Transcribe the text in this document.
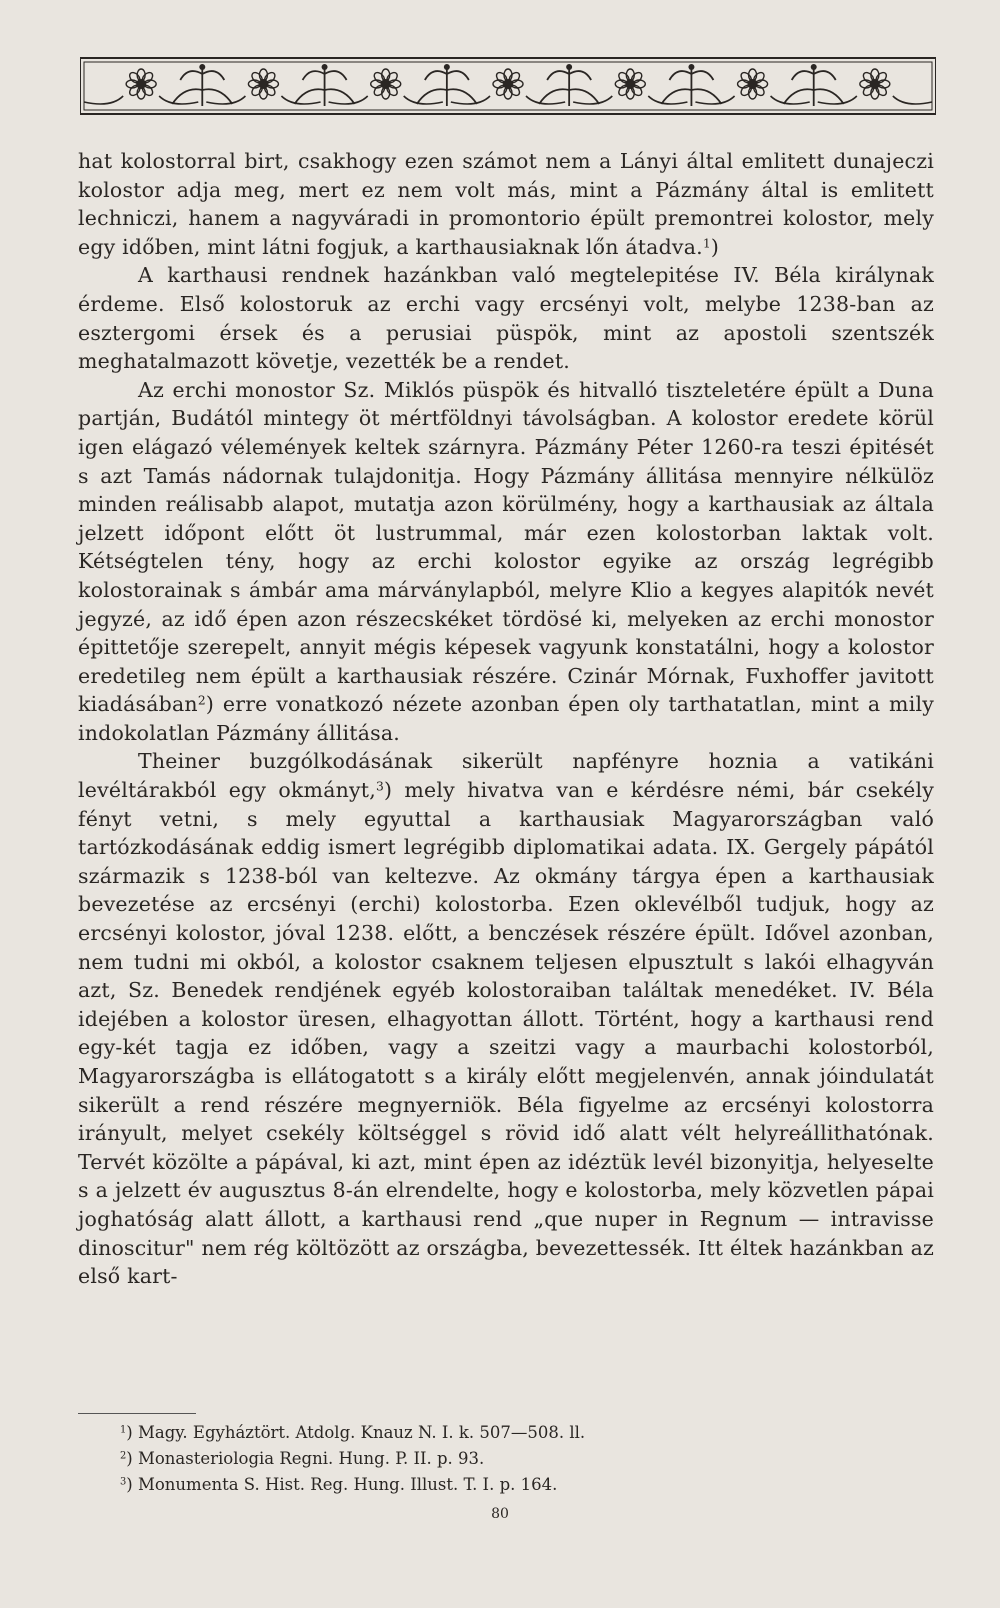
hat kolostorral birt, csakhogy ezen számot nem a Lányi által emlitett dunajeczi kolostor adja meg, mert ez nem volt más, mint a Pázmány által is emlitett lechniczi, hanem a nagyváradi in promontorio épült premontrei kolostor, mely egy időben, mint látni fogjuk, a karthausiaknak lőn átadva.$^1$)

A karthausi rendnek hazánkban való megtelepitése IV. Béla királynak érdeme. Első kolostoruk az erchi vagy ercsényi volt, melybe 1238-ban az esztergomi érsek és a perusiai püspök, mint az apostoli szentszék meghatalmazott követje, vezették be a rendet.

Az erchi monostor Sz. Miklós püspök és hitvalló tiszteletére épült a Duna partján, Budától mintegy öt mértföldnyi távolságban. A kolostor eredete körül igen elágazó vélemények keltek szárnyra. Pázmány Péter 1260-ra teszi épitését s azt Tamás nádornak tulajdonitja. Hogy Pázmány állitása mennyire nélkülöz minden reálisabb alapot, mutatja azon körülmény, hogy a karthausiak az általa jelzett időpont előtt öt lustrummal, már ezen kolostorban laktak volt. Kétségtelen tény, hogy az erchi kolostor egyike az ország legrégibb kolostorainak s ámbár ama márványlapból, melyre Klio a kegyes alapitók nevét jegyzé, az idő épen azon részecskéket tördösé ki, melyeken az erchi monostor épittetője szerepelt, annyit mégis képesek vagyunk konstatálni, hogy a kolostor eredetileg nem épült a karthausiak részére. Czinár Mórnak, Fuxhoffer javitott kiadásában$^2$) erre vonatkozó nézete azonban épen oly tarthatatlan, mint a mily indokolatlan Pázmány állitása.

Theiner buzgólkodásának sikerült napfényre hoznia a vatikáni levéltárakból egy okmányt,$^3$) mely hivatva van e kérdésre némi, bár csekély fényt vetni, s mely egyuttal a karthausiak Magyarországban való tartózkodásának eddig ismert legrégibb diplomatikai adata. IX. Gergely pápától származik s 1238-ból van keltezve. Az okmány tárgya épen a karthausiak bevezetése az ercsényi (erchi) kolostorba. Ezen oklevélből tudjuk, hogy az ercsényi kolostor, jóval 1238. előtt, a benczések részére épült. Idővel azonban, nem tudni mi okból, a kolostor csaknem teljesen elpusztult s lakói elhagyván azt, Sz. Benedek rendjének egyéb kolostoraiban találtak menedéket. IV. Béla idejében a kolostor üresen, elhagyottan állott. Történt, hogy a karthausi rend egy-két tagja ez időben, vagy a szeitzi vagy a maurbachi kolostorból, Magyarországba is ellátogatott s a király előtt megjelenvén, annak jóindulatát sikerült a rend részére megnyerniök. Béla figyelme az ercsényi kolostorra irányult, melyet csekély költséggel s rövid idő alatt vélt helyreállithatónak. Tervét közölte a pápával, ki azt, mint épen az idéztük levél bizonyitja, helyeselte s a jelzett év augusztus 8-án elrendelte, hogy e kolostorba, mely közvetlen pápai joghatóság alatt állott, a karthausi rend „que nuper in Regnum — intravisse dinoscitur" nem rég költözött az országba, bevezettessék. Itt éltek hazánkban az első kart-

$^1$) Magy. Egyháztört. Atdolg. Knauz N. I. k. 507—508. ll.
$^2$) Monasteriologia Regni. Hung. P. II. p. 93.
$^3$) Monumenta S. Hist. Reg. Hung. Illust. T. I. p. 164.
80
